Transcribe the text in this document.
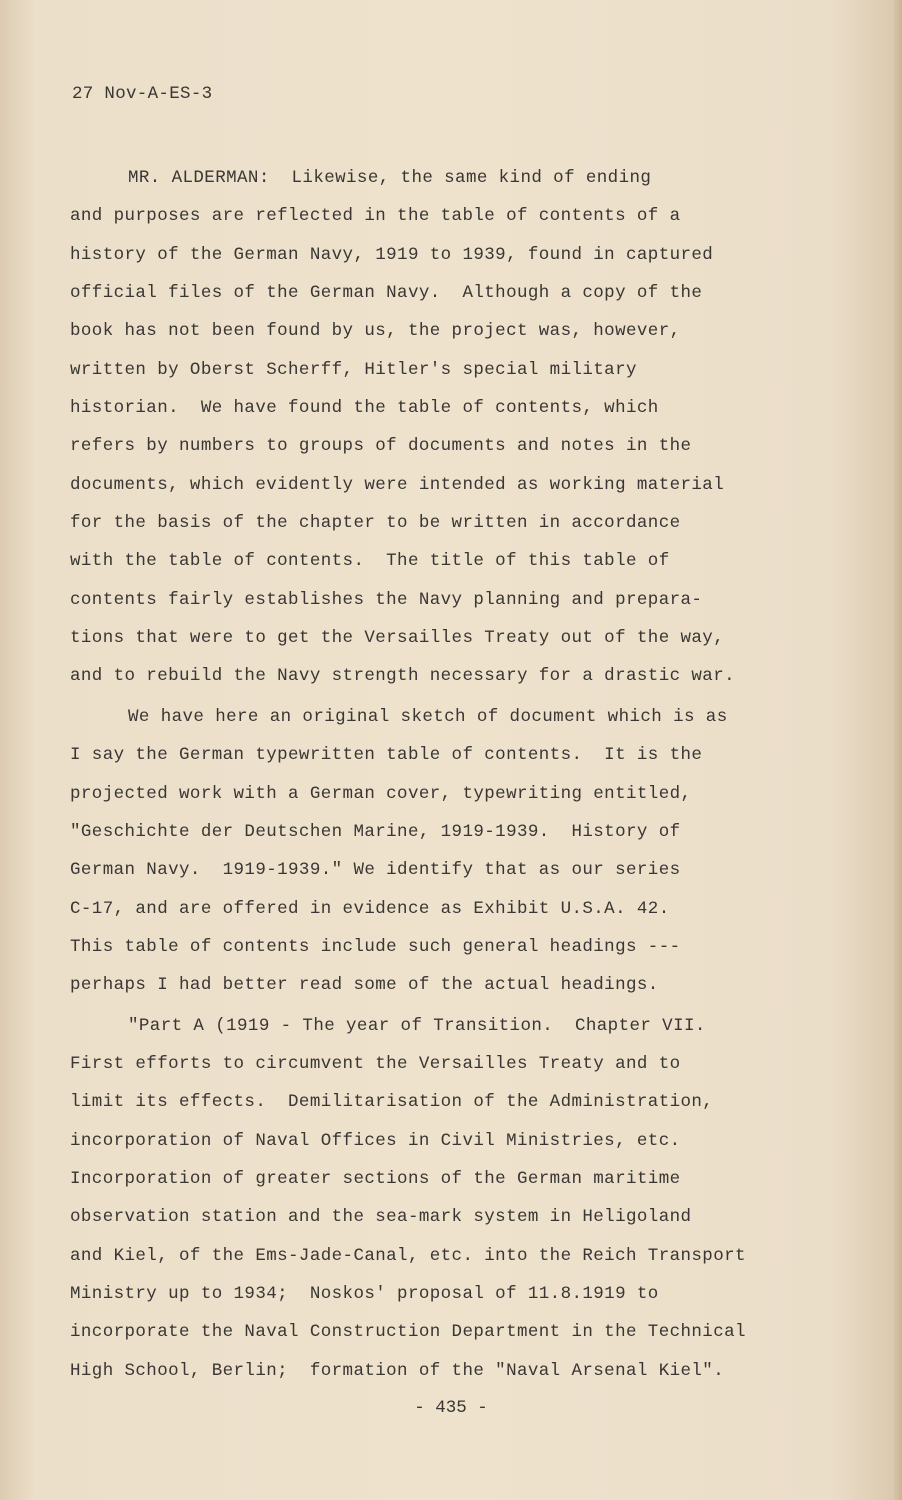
27 Nov-A-ES-3
MR. ALDERMAN:  Likewise, the same kind of ending
and purposes are reflected in the table of contents of a
history of the German Navy, 1919 to 1939, found in captured
official files of the German Navy.  Although a copy of the
book has not been found by us, the project was, however,
written by Oberst Scherff, Hitler's special military
historian.  We have found the table of contents, which
refers by numbers to groups of documents and notes in the
documents, which evidently were intended as working material
for the basis of the chapter to be written in accordance
with the table of contents.  The title of this table of
contents fairly establishes the Navy planning and prepara-
tions that were to get the Versailles Treaty out of the way,
and to rebuild the Navy strength necessary for a drastic war.
We have here an original sketch of document which is as
I say the German typewritten table of contents.  It is the
projected work with a German cover, typewriting entitled,
"Geschichte der Deutschen Marine, 1919-1939.  History of
German Navy.  1919-1939." We identify that as our series
C-17, and are offered in evidence as Exhibit U.S.A. 42.
This table of contents include such general headings ---
perhaps I had better read some of the actual headings.
"Part A (1919 - The year of Transition.  Chapter VII.
First efforts to circumvent the Versailles Treaty and to
limit its effects.  Demilitarisation of the Administration,
incorporation of Naval Offices in Civil Ministries, etc.
Incorporation of greater sections of the German maritime
observation station and the sea-mark system in Heligoland
and Kiel, of the Ems-Jade-Canal, etc. into the Reich Transport
Ministry up to 1934;  Noskos' proposal of 11.8.1919 to
incorporate the Naval Construction Department in the Technical
High School, Berlin;  formation of the "Naval Arsenal Kiel".
- 435 -
